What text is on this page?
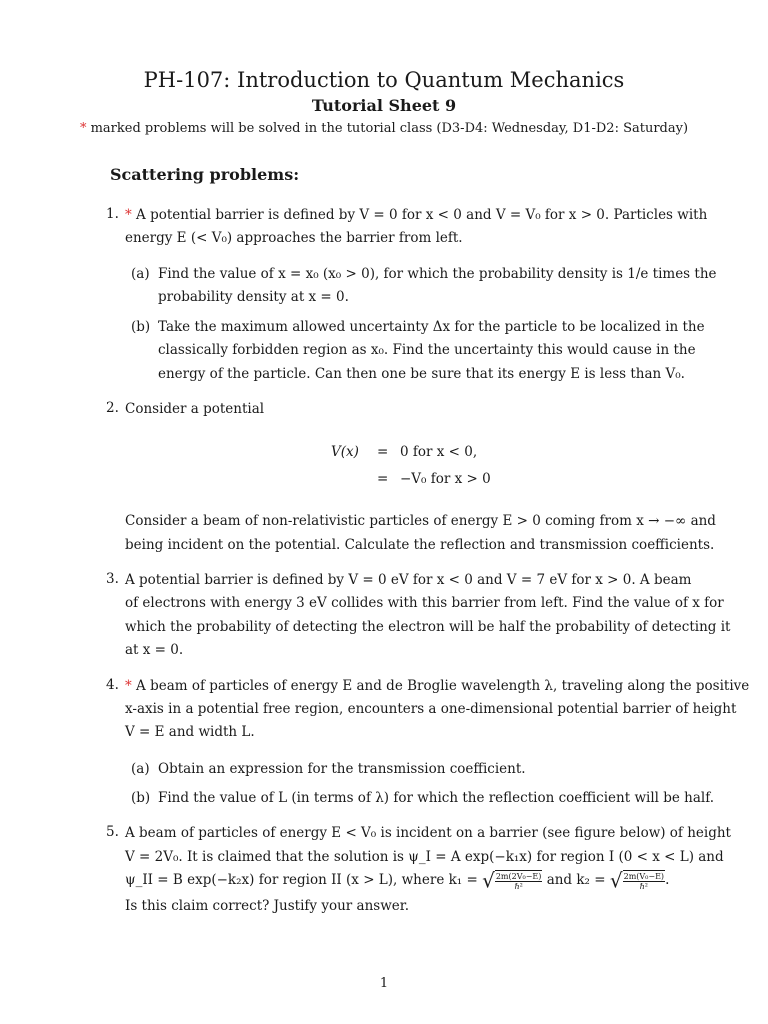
PH-107: Introduction to Quantum Mechanics
Tutorial Sheet 9
* marked problems will be solved in the tutorial class (D3-D4: Wednesday, D1-D2: Saturday)
Scattering problems:
1. * A potential barrier is defined by V = 0 for x < 0 and V = V₀ for x > 0. Particles with
energy E (< V₀) approaches the barrier from left.
(a) Find the value of x = x₀ (x₀ > 0), for which the probability density is 1/e times the
probability density at x = 0.
(b) Take the maximum allowed uncertainty Δx for the particle to be localized in the
classically forbidden region as x₀. Find the uncertainty this would cause in the
energy of the particle. Can then one be sure that its energy E is less than V₀.
2. Consider a potential
V(x) = 0 for x < 0,
= −V₀ for x > 0
Consider a beam of non-relativistic particles of energy E > 0 coming from x → −∞ and
being incident on the potential. Calculate the reflection and transmission coefficients.
3. A potential barrier is defined by V = 0 eV for x < 0 and V = 7 eV for x > 0. A beam
of electrons with energy 3 eV collides with this barrier from left. Find the value of x for
which the probability of detecting the electron will be half the probability of detecting it
at x = 0.
4. * A beam of particles of energy E and de Broglie wavelength λ, traveling along the positive
x-axis in a potential free region, encounters a one-dimensional potential barrier of height
V = E and width L.
(a) Obtain an expression for the transmission coefficient.
(b) Find the value of L (in terms of λ) for which the reflection coefficient will be half.
5. A beam of particles of energy E < V₀ is incident on a barrier (see figure below) of height
V = 2V₀. It is claimed that the solution is ψ_I = A exp(−k₁x) for region I (0 < x < L) and
ψ_II = B exp(−k₂x) for region II (x > L), where k₁ = √ $\frac{\text{2m(2V₀−E)}}{\text{ℏ²}}$ and k₂ = √ $\frac{\text{2m(V₀−E)}}{\text{ℏ²}}$ .
Is this claim correct? Justify your answer.
1
